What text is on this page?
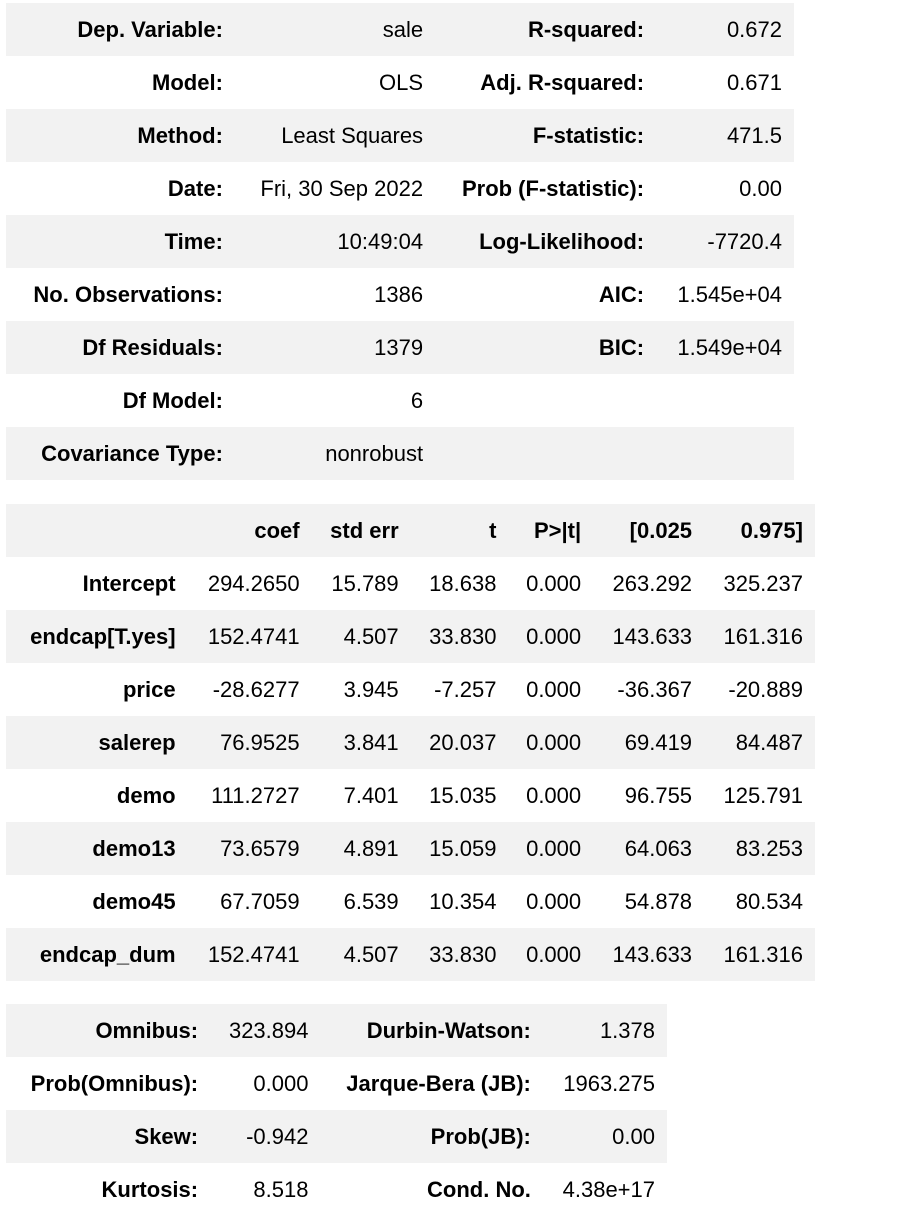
Dep. Variable:	sale	R-squared:	0.672
Model:	OLS	Adj. R-squared:	0.671
Method:	Least Squares	F-statistic:	471.5
Date:	Fri, 30 Sep 2022	Prob (F-statistic):	0.00
Time:	10:49:04	Log-Likelihood:	-7720.4
No. Observations:	1386	AIC:	1.545e+04
Df Residuals:	1379	BIC:	1.549e+04
Df Model:	6		
Covariance Type:	nonrobust		
	coef	std err	t	P>|t|	[0.025	0.975]
Intercept	294.2650	15.789	18.638	0.000	263.292	325.237
endcap[T.yes]	152.4741	4.507	33.830	0.000	143.633	161.316
price	-28.6277	3.945	-7.257	0.000	-36.367	-20.889
salerep	76.9525	3.841	20.037	0.000	69.419	84.487
demo	111.2727	7.401	15.035	0.000	96.755	125.791
demo13	73.6579	4.891	15.059	0.000	64.063	83.253
demo45	67.7059	6.539	10.354	0.000	54.878	80.534
endcap_dum	152.4741	4.507	33.830	0.000	143.633	161.316
Omnibus:	323.894	Durbin-Watson:	1.378
Prob(Omnibus):	0.000	Jarque-Bera (JB):	1963.275
Skew:	-0.942	Prob(JB):	0.00
Kurtosis:	8.518	Cond. No.	4.38e+17
